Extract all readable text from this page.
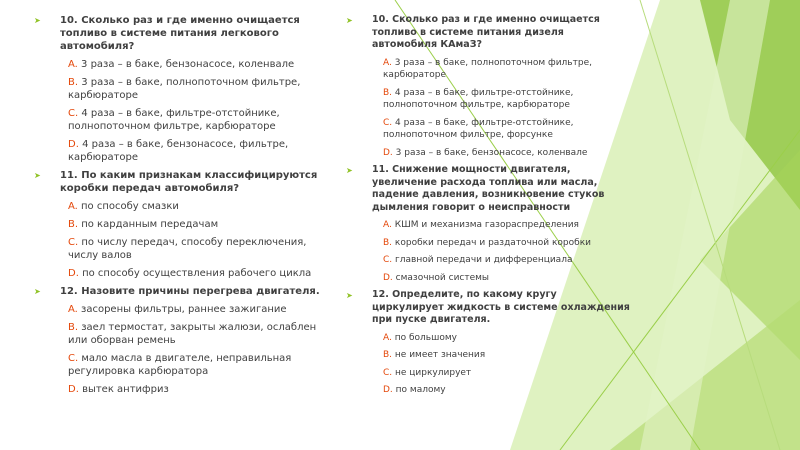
➤	10. Сколько раз и где именно очищается топливо в системе питания легкового автомобиля?
A. 3 раза – в баке, бензонасосе, коленвале
B. 3 раза – в баке, полнопоточном фильтре, карбюраторе
C. 4 раза – в баке, фильтре-отстойнике, полнопоточном фильтре, карбюраторе
D. 4 раза – в баке, бензонасосе, фильтре, карбюраторе
➤	11. По каким признакам классифицируются коробки передач автомобиля?
A. по способу смазки
B. по карданным передачам
C. по числу передач, способу переключения, числу валов
D. по способу осуществления рабочего цикла
➤	12. Назовите причины перегрева двигателя.
A. засорены фильтры, раннее зажигание
B. заел термостат, закрыты жалюзи, ослаблен или оборван ремень
C. мало масла в двигателе, неправильная регулировка карбюратора
D. вытек антифриз
➤	10. Сколько раз и где именно очищается топливо в системе питания дизеля автомобиля КАмаЗ?
A. 3 раза – в баке, полнопоточном фильтре, карбюраторе
B. 4 раза – в баке, фильтре-отстойнике, полнопоточном фильтре, карбюраторе
C. 4 раза – в баке, фильтре-отстойнике, полнопоточном фильтре, форсунке
D. 3 раза – в баке, бензонасосе, коленвале
➤	11. Снижение мощности двигателя, увеличение расхода топлива или масла, падение давления, возникновение стуков дымления говорит о неисправности
A. КШМ и механизма газораспределения
B. коробки передач и раздаточной коробки
C. главной передачи и дифференциала
D. смазочной системы
➤	12. Определите, по какому кругу циркулирует жидкость в системе охлаждения при пуске двигателя.
A. по большому
B. не имеет значения
C. не циркулирует
D. по малому
